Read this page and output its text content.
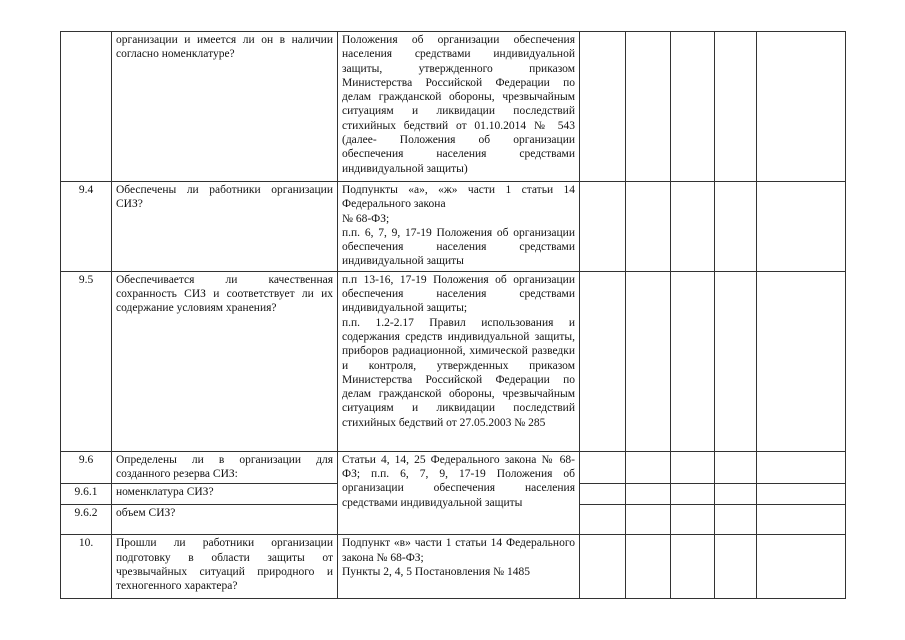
	организации и имеется ли он в наличии согласно номенклатуре?	Положения об организации обеспечения населения средствами индивидуальной защиты, утвержденного приказом Министерства Российской Федерации по делам гражданской обороны, чрезвычайным ситуациям и ликвидации последствий стихийных бедствий от 01.10.2014 № 543 (далее- Положения об организации обеспечения населения средствами индивидуальной защиты)					
9.4	Обеспечены ли работники организации СИЗ?	Подпункты «а», «ж» части 1 статьи 14 Федерального закона
№ 68-ФЗ;
п.п. 6, 7, 9, 17-19 Положения об организации обеспечения населения средствами индивидуальной защиты					

9.5	Обеспечивается ли качественная сохранность СИЗ и соответствует ли их содержание условиям хранения?	п.п 13-16, 17-19 Положения об организации обеспечения населения средствами индивидуальной защиты;
п.п. 1.2-2.17 Правил использования и содержания средств индивидуальной защиты, приборов радиационной, химической разведки и контроля, утвержденных приказом Министерства Российской Федерации по делам гражданской обороны, чрезвычайным ситуациям и ликвидации последствий стихийных бедствий от 27.05.2003 № 285					

9.6	Определены ли в организации для созданного резерва СИЗ:	Статьи 4, 14, 25 Федерального закона № 68-ФЗ; п.п. 6, 7, 9, 17-19 Положения об организации обеспечения населения средствами индивидуальной защиты					
9.6.1	номенклатура СИЗ?						
9.6.2	объем СИЗ?						
10.	Прошли ли работники организации подготовку в области защиты от чрезвычайных ситуаций природного и техногенного характера?	Подпункт «в» части 1 статьи 14 Федерального закона № 68-ФЗ;
Пункты 2, 4, 5 Постановления № 1485					
